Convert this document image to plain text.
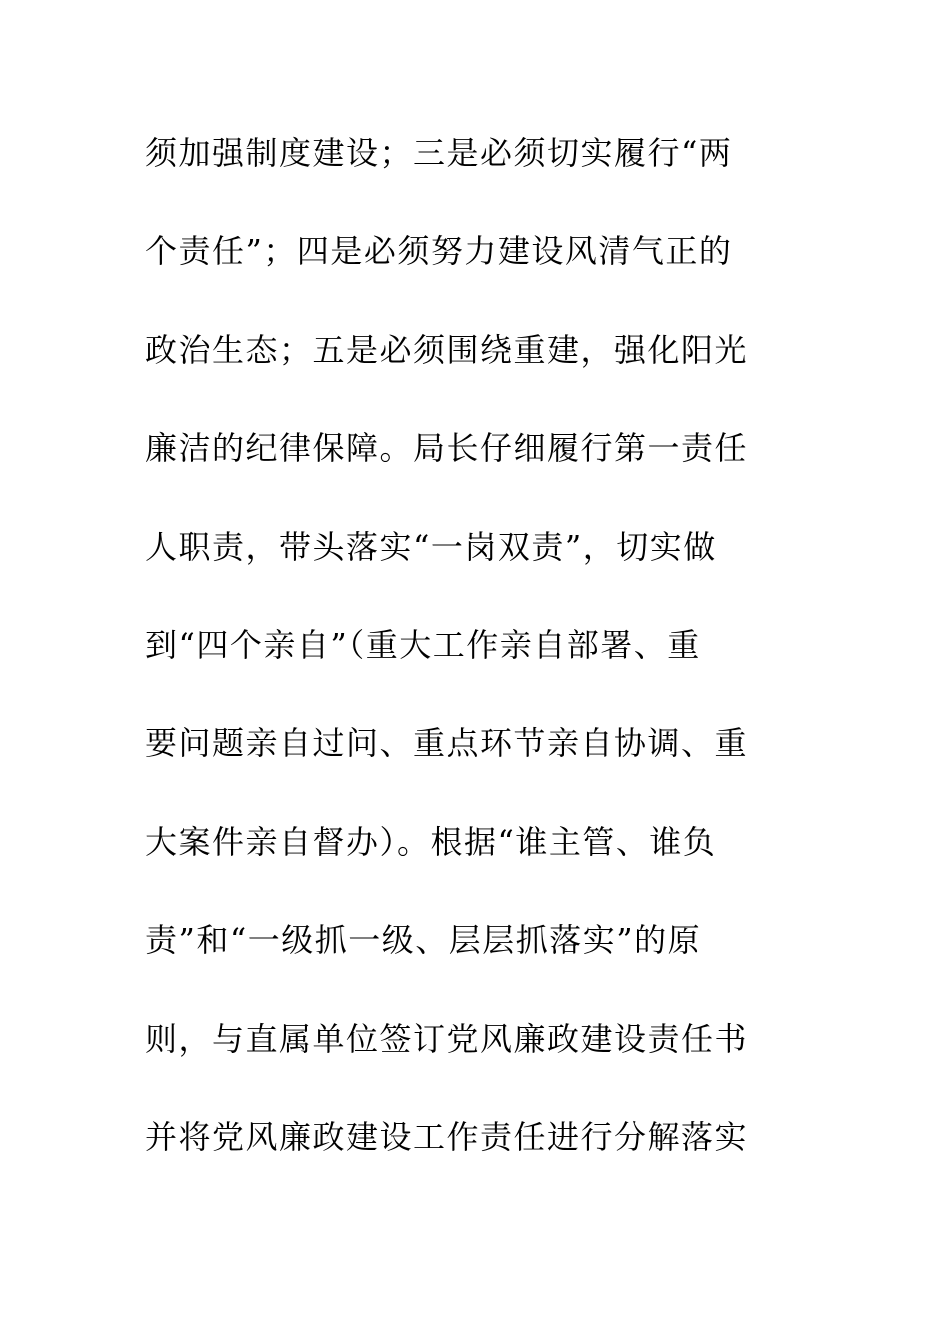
须加强制度建设；三是必须切实履行“两
个责任”；四是必须努力建设风清气正的
政治生态；五是必须围绕重建，强化阳光
廉洁的纪律保障。局长仔细履行第一责任
人职责，带头落实“一岗双责”，切实做
到“四个亲自”（重大工作亲自部署、重
要问题亲自过问、重点环节亲自协调、重
大案件亲自督办）。根据“谁主管、谁负
责”和“一级抓一级、层层抓落实”的原
则，与直属单位签订党风廉政建设责任书
并将党风廉政建设工作责任进行分解落实
